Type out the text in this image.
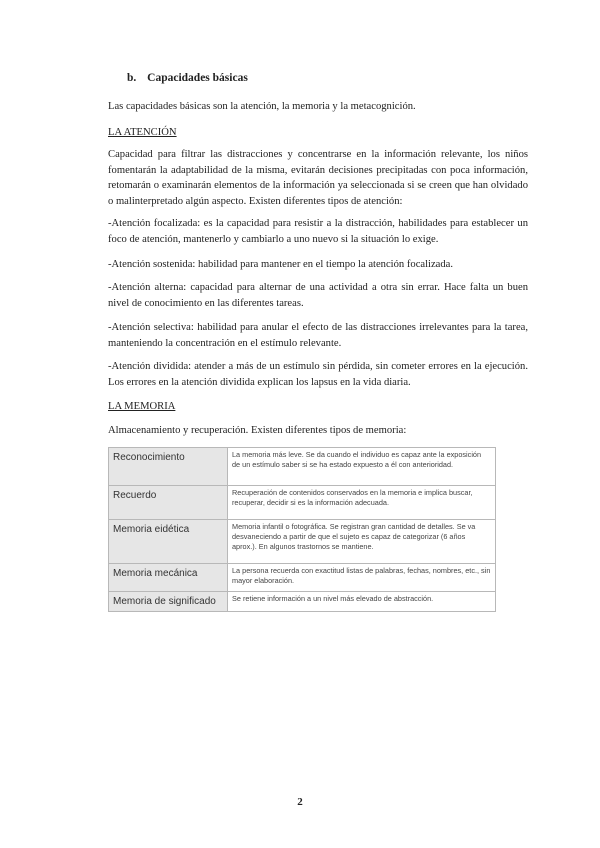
b. Capacidades básicas
Las capacidades básicas son la atención, la memoria y la metacognición.
LA ATENCIÓN
Capacidad para filtrar las distracciones y concentrarse en la información relevante, los niños fomentarán la adaptabilidad de la misma, evitarán decisiones precipitadas con poca información, retomarán o examinarán elementos de la información ya seleccionada si se creen que han olvidado o malinterpretado algún aspecto. Existen diferentes tipos de atención:
-Atención focalizada: es la capacidad para resistir a la distracción, habilidades para establecer un foco de atención, mantenerlo y cambiarlo a uno nuevo si la situación lo exige.
-Atención sostenida: habilidad para mantener en el tiempo la atención focalizada.
-Atención alterna: capacidad para alternar de una actividad a otra sin errar. Hace falta un buen nivel de conocimiento en las diferentes tareas.
-Atención selectiva: habilidad para anular el efecto de las distracciones irrelevantes para la tarea, manteniendo la concentración en el estímulo relevante.
-Atención dividida: atender a más de un estímulo sin pérdida, sin cometer errores en la ejecución. Los errores en la atención dividida explican los lapsus en la vida diaria.
LA MEMORIA
Almacenamiento y recuperación. Existen diferentes tipos de memoria:
Reconocimiento	La memoria más leve. Se da cuando el individuo es capaz ante la exposición de un estímulo saber si se ha estado expuesto a él con anterioridad.
Recuerdo	Recuperación de contenidos conservados en la memoria e implica buscar, recuperar, decidir si es la información adecuada.
Memoria eidética	Memoria infantil o fotográfica. Se registran gran cantidad de detalles. Se va desvaneciendo a partir de que el sujeto es capaz de categorizar (6 años aprox.). En algunos trastornos se mantiene.
Memoria mecánica	La persona recuerda con exactitud listas de palabras, fechas, nombres, etc., sin mayor elaboración.
Memoria de significado	Se retiene información a un nivel más elevado de abstracción.
2
